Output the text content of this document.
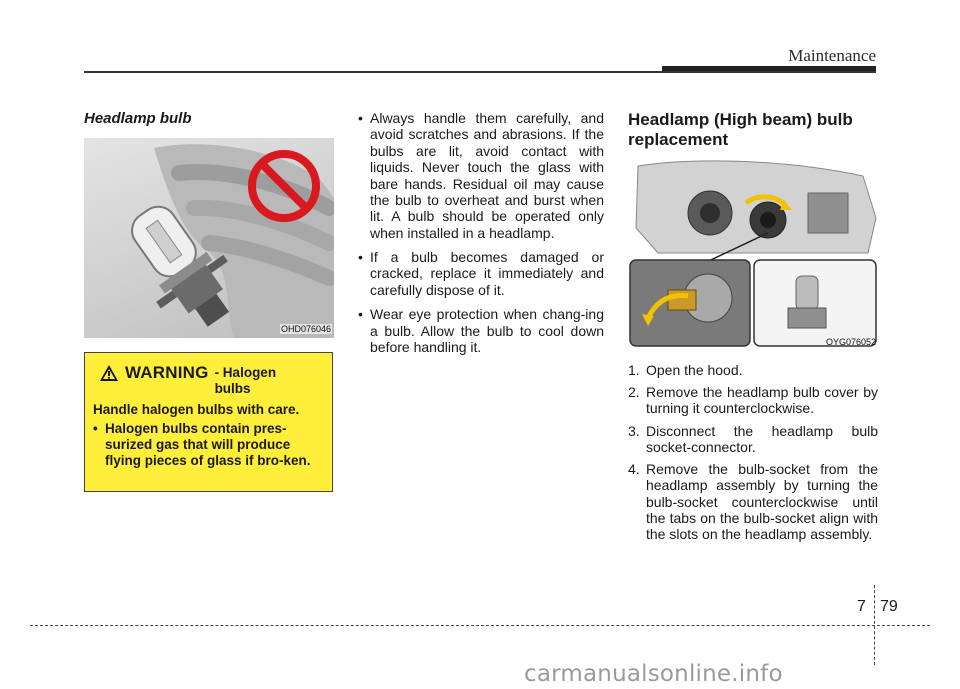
Maintenance
Headlamp bulb
OHD076046
WARNING - Halogen bulbs
Handle halogen bulbs with care.
• Halogen bulbs contain pres-surized gas that will produce flying pieces of glass if bro-ken.
• Always handle them carefully, and avoid scratches and abrasions. If the bulbs are lit, avoid contact with liquids. Never touch the glass with bare hands. Residual oil may cause the bulb to overheat and burst when lit. A bulb should be operated only when installed in a headlamp.
• If a bulb becomes damaged or cracked, replace it immediately and carefully dispose of it.
• Wear eye protection when chang-ing a bulb. Allow the bulb to cool down before handling it.
Headlamp (High beam) bulb replacement
OYG076052
1. Open the hood.
2. Remove the headlamp bulb cover by turning it counterclockwise.
3. Disconnect the headlamp bulb socket-connector.
4. Remove the bulb-socket from the headlamp assembly by turning the bulb-socket counterclockwise until the tabs on the bulb-socket align with the slots on the headlamp assembly.
7 79
carmanualsonline.info
